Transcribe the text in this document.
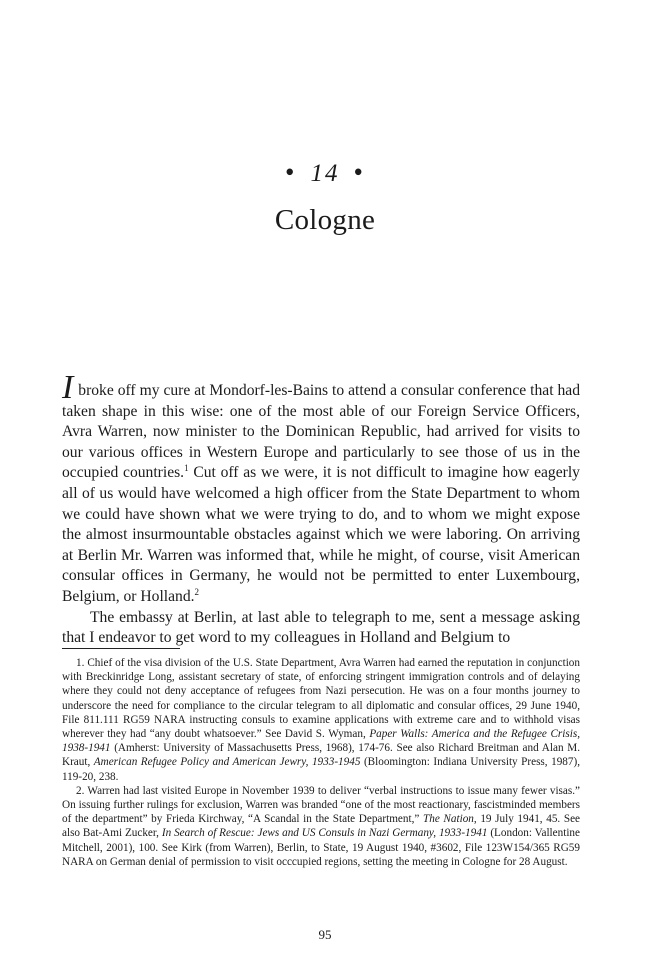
• 14 •
Cologne

I broke off my cure at Mondorf-les-Bains to attend a consular conference that had taken shape in this wise: one of the most able of our Foreign Service Officers, Avra Warren, now minister to the Dominican Republic, had arrived for visits to our various offices in Western Europe and particularly to see those of us in the occupied countries.$^1$ Cut off as we were, it is not difficult to imagine how eagerly all of us would have welcomed a high officer from the State Department to whom we could have shown what we were trying to do, and to whom we might expose the almost insurmountable obstacles against which we were laboring. On arriving at Berlin Mr. Warren was informed that, while he might, of course, visit American consular offices in Germany, he would not be permitted to enter Luxembourg, Belgium, or Holland.$^2$

The embassy at Berlin, at last able to telegraph to me, sent a message asking that I endeavor to get word to my colleagues in Holland and Belgium to

1. Chief of the visa division of the U.S. State Department, Avra Warren had earned the reputation in conjunction with Breckinridge Long, assistant secretary of state, of enforcing stringent immigration controls and of delaying where they could not deny acceptance of refugees from Nazi persecution. He was on a four months journey to underscore the need for compliance to the circular telegram to all diplomatic and consular offices, 29 June 1940, File 811.111 RG59 NARA instructing consuls to examine applications with extreme care and to withhold visas wherever they had “any doubt whatsoever.” See David S. Wyman, Paper Walls: America and the Refugee Crisis, 1938-1941 (Amherst: University of Massachusetts Press, 1968), 174-76. See also Richard Breitman and Alan M. Kraut, American Refugee Policy and American Jewry, 1933-1945 (Bloomington: Indiana University Press, 1987), 119-20, 238.

2. Warren had last visited Europe in November 1939 to deliver “verbal instructions to issue many fewer visas.” On issuing further rulings for exclusion, Warren was branded “one of the most reactionary, fascistminded members of the department” by Frieda Kirchway, “A Scandal in the State Department,” The Nation, 19 July 1941, 45. See also Bat-Ami Zucker, In Search of Rescue: Jews and US Consuls in Nazi Germany, 1933-1941 (London: Vallentine Mitchell, 2001), 100. See Kirk (from Warren), Berlin, to State, 19 August 1940, #3602, File 123W154/365 RG59 NARA on German denial of permission to visit occcupied regions, setting the meeting in Cologne for 28 August.

95
